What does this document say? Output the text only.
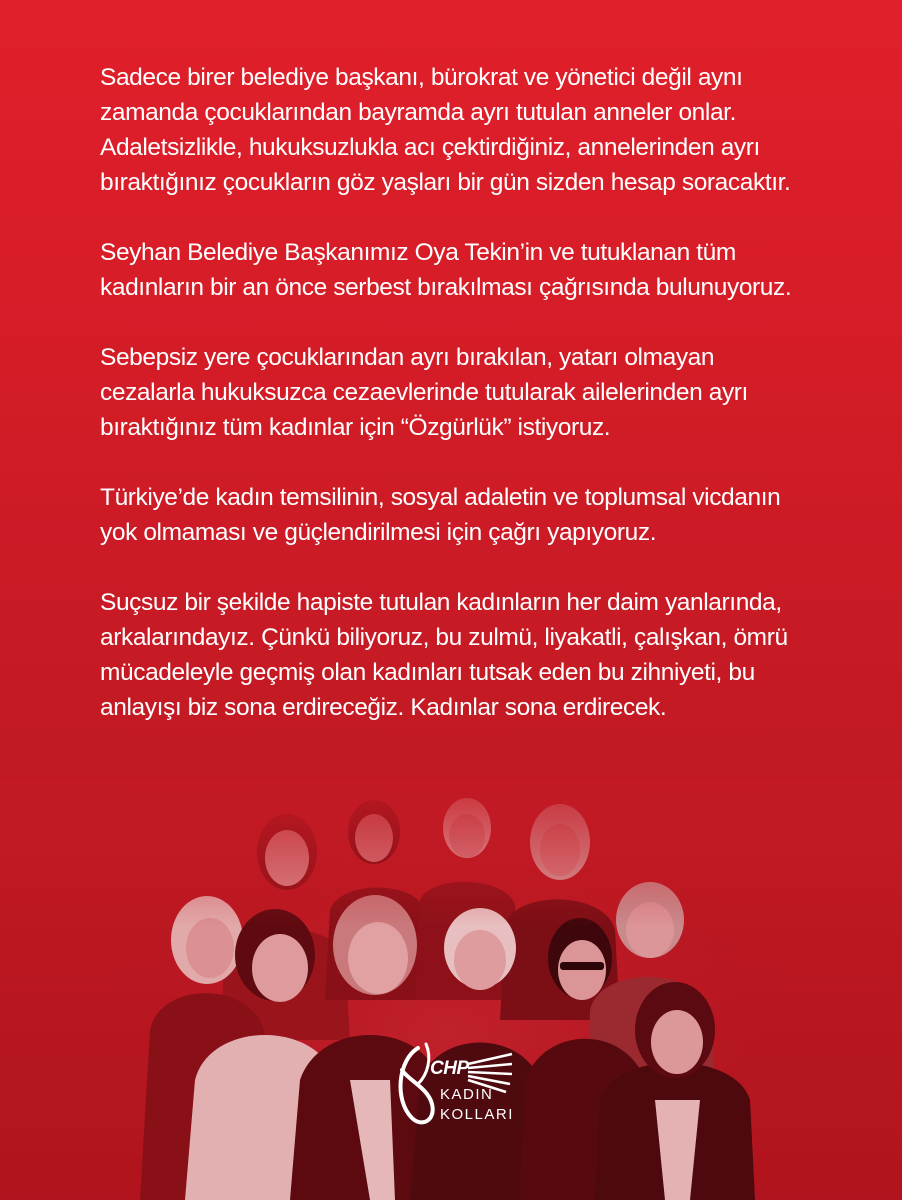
Sadece birer belediye başkanı, bürokrat ve yönetici değil aynı
zamanda çocuklarından bayramda ayrı tutulan anneler onlar.
Adaletsizlikle, hukuksuzlukla acı çektirdiğiniz, annelerinden ayrı
bıraktığınız çocukların göz yaşları bir gün sizden hesap soracaktır.

Seyhan Belediye Başkanımız Oya Tekin’in ve tutuklanan tüm
kadınların bir an önce serbest bırakılması çağrısında bulunuyoruz.

Sebepsiz yere çocuklarından ayrı bırakılan, yatarı olmayan
cezalarla hukuksuzca cezaevlerinde tutularak ailelerinden ayrı
bıraktığınız tüm kadınlar için “Özgürlük” istiyoruz.

Türkiye’de kadın temsilinin, sosyal adaletin ve toplumsal vicdanın
yok olmaması ve güçlendirilmesi için çağrı yapıyoruz.

Suçsuz bir şekilde hapiste tutulan kadınların her daim yanlarında,
arkalarındayız. Çünkü biliyoruz, bu zulmü, liyakatli, çalışkan, ömrü
mücadeleyle geçmiş olan kadınları tutsak eden bu zihniyeti, bu
anlayışı biz sona erdireceğiz. Kadınlar sona erdirecek.

CHP
KADIN
KOLLARI
